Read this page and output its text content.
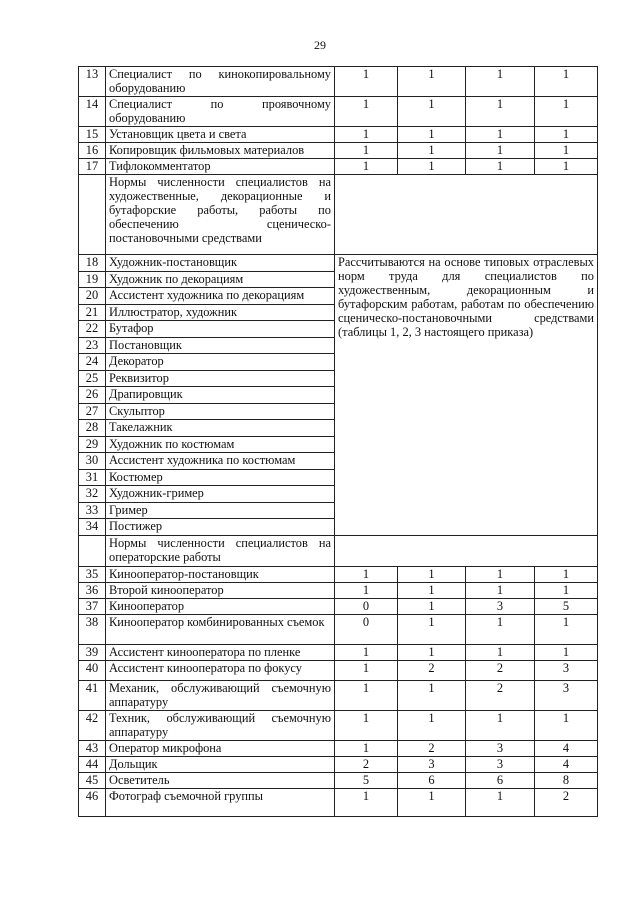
29
13	Специалист по кинокопировальному оборудованию	1	1	1	1
14	Специалист по проявочному оборудованию	1	1	1	1
15	Установщик цвета и света	1	1	1	1
16	Копировщик фильмовых материалов	1	1	1	1
17	Тифлокомментатор	1	1	1	1
	Нормы численности специалистов на художественные, декорационные и бутафорские работы, работы по обеспечению сценическо-постановочными средствами				
18	Художник-постановщик	Рассчитываются на основе типовых отраслевых норм труда для специалистов по художественным, декорационным и бутафорским работам, работам по обеспечению сценическо-постановочными средствами (таблицы 1, 2, 3 настоящего приказа)			
19	Художник по декорациям				
20	Ассистент художника по декорациям				
21	Иллюстратор, художник				
22	Бутафор				
23	Постановщик				
24	Декоратор				
25	Реквизитор				
26	Драпировщик				
27	Скульптор				
28	Такелажник				
29	Художник по костюмам				
30	Ассистент художника по костюмам				
31	Костюмер				
32	Художник-гример				
33	Гример				
34	Постижер				
	Нормы численности специалистов на операторские работы				
35	Кинооператор-постановщик	1	1	1	1
36	Второй кинооператор	1	1	1	1
37	Кинооператор	0	1	3	5
38	Кинооператор комбинированных съемок	0	1	1	1
39	Ассистент кинооператора по пленке	1	1	1	1
40	Ассистент кинооператора по фокусу	1	2	2	3
41	Механик, обслуживающий съемочную аппаратуру	1	1	2	3
42	Техник, обслуживающий съемочную аппаратуру	1	1	1	1
43	Оператор микрофона	1	2	3	4
44	Дольщик	2	3	3	4
45	Осветитель	5	6	6	8
46	Фотограф съемочной группы	1	1	1	2
